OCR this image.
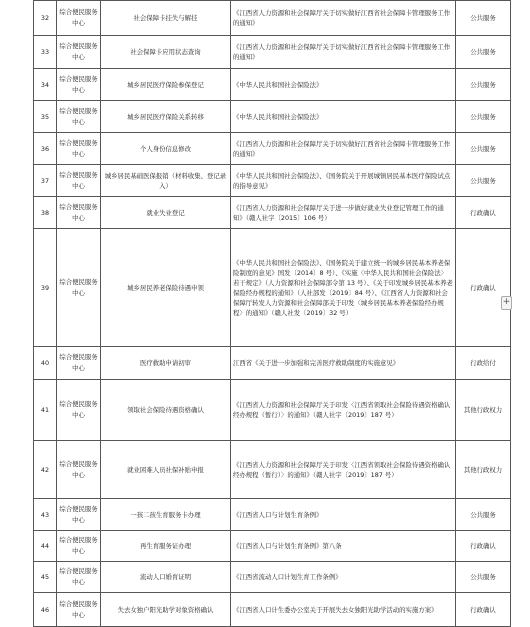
32	综合便民服务中心	社会保障卡挂失与解挂	《江西省人力资源和社会保障厅关于切实做好江西省社会保障卡管理服务工作的通知》	公共服务
33	综合便民服务中心	社会保障卡应用状态查询	《江西省人力资源和社会保障厅关于切实做好江西省社会保障卡管理服务工作的通知》	公共服务
34	综合便民服务中心	城乡居民医疗保险参保登记	《中华人民共和国社会保险法》	公共服务
35	综合便民服务中心	城乡居民医疗保险关系转移	《中华人民共和国社会保险法》	公共服务
36	综合便民服务中心	个人身份信息修改	《江西省人力资源和社会保障厅关于切实做好江西省社会保障卡管理服务工作的通知》	公共服务
37	综合便民服务中心	城乡居民基础医保报销（材料收集、登记录入）	《中华人民共和国社会保险法》、《国务院关于开展城镇居民基本医疗保险试点的指导意见》	公共服务
38	综合便民服务中心	就业失业登记	《江西省人力资源和社会保障厅关于进一步做好就业失业登记管理工作的通知》（赣人社字〔2015〕106 号）	行政确认
39	综合便民服务中心	城乡居民养老保险待遇申领	《中华人民共和国社会保险法》、《国务院关于建立统一的城乡居民基本养老保险制度的意见》国发〔2014〕8 号）、《实施〈中华人民共和国社会保险法〉若干规定》（人力资源和社会保障部令第 13 号）、《关于印发城乡居民基本养老保险经办规程的通知》（人社部发〔2019〕84 号）、《江西省人力资源和社会保障厅转发人力资源和社会保障部关于印发〈城乡居民基本养老保险经办规程〉的通知》（赣人社发〔2019〕32 号）	行政确认
40	综合便民服务中心	医疗救助申请初审	江西省《关于进一步加强和完善医疗救助制度的实施意见》	行政给付
41	综合便民服务中心	领取社会保险待遇资格确认	《江西省人力资源和社会保障厅关于印发〈江西省领取社会保险待遇资格确认经办规程（暂行）〉的通知》（赣人社字〔2019〕187 号）	其他行政权力
42	综合便民服务中心	就业困难人员社保补贴申报	《江西省人力资源和社会保障厅关于印发〈江西省领取社会保险待遇资格确认经办规程（暂行）〉的通知》（赣人社字〔2019〕187 号）	其他行政权力
43	综合便民服务中心	一孩二孩生育服务卡办理	《江西省人口与计划生育条例》	公共服务
44	综合便民服务中心	再生育服务证办理	《江西省人口与计划生育条例》第八条	行政确认
45	综合便民服务中心	流动人口婚育证明	《江西省流动人口计划生育工作条例》	公共服务
46	综合便民服务中心	失去女独户阳光助学对象资格确认	《江西省人口计生委办公室关于开展失去女独阳光助学活动的实施方案》	行政确认
+
